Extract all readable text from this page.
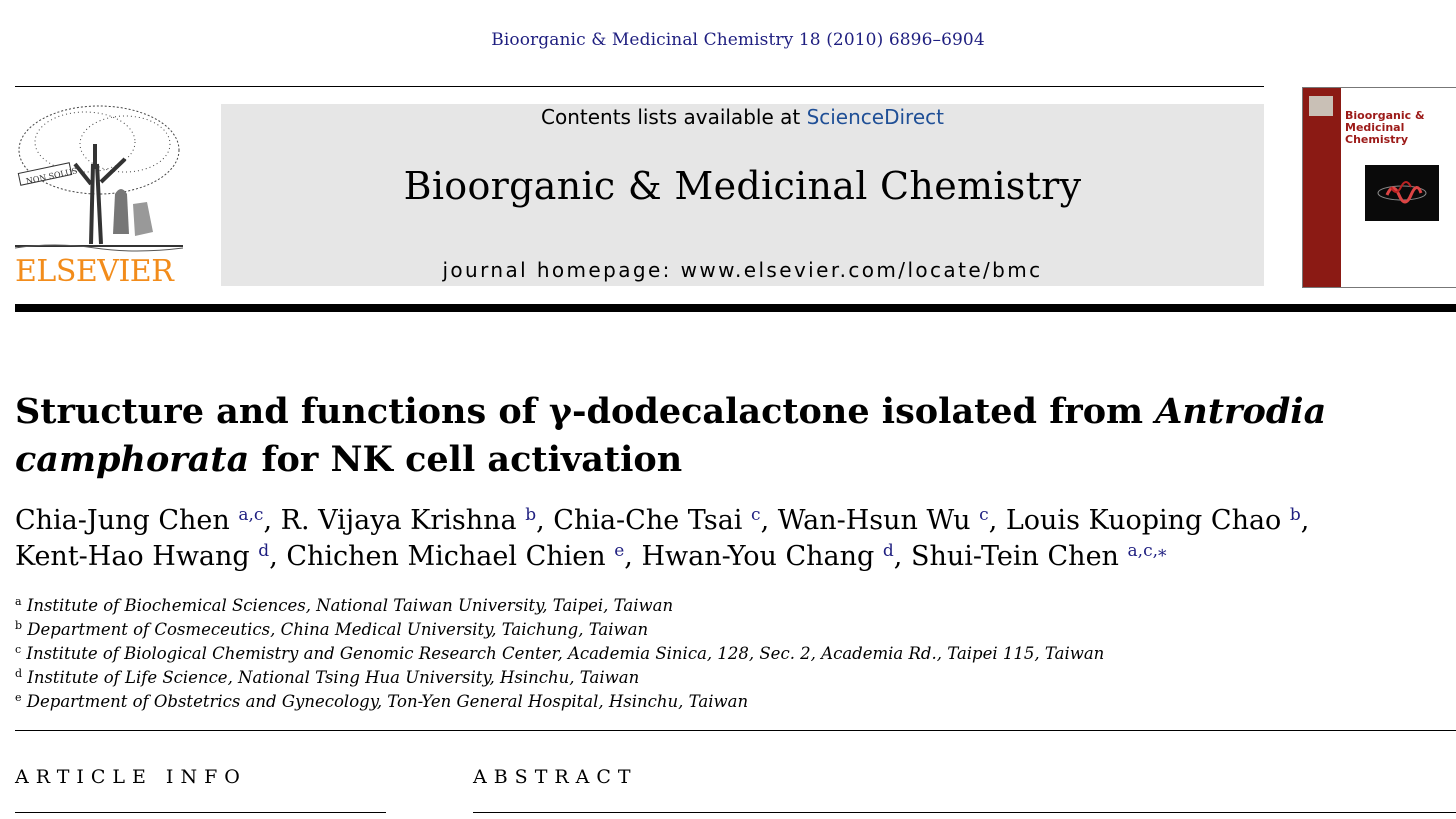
Bioorganic & Medicinal Chemistry 18 (2010) 6896–6904
NON SOLUS
ELSEVIER
Contents lists available at ScienceDirect
Bioorganic & Medicinal Chemistry
journal homepage: www.elsevier.com/locate/bmc
Bioorganic & Medicinal Chemistry
Structure and functions of γ-dodecalactone isolated from Antrodia camphorata for NK cell activation
Chia-Jung Chen $^{a,c}$, R. Vijaya Krishna $^b$, Chia-Che Tsai $^c$, Wan-Hsun Wu $^c$, Louis Kuoping Chao $^b$,
Kent-Hao Hwang $^d$, Chichen Michael Chien $^e$, Hwan-You Chang $^d$, Shui-Tein Chen $^{a,c,⁎}$
$^a$ Institute of Biochemical Sciences, National Taiwan University, Taipei, Taiwan
$^b$ Department of Cosmeceutics, China Medical University, Taichung, Taiwan
$^c$ Institute of Biological Chemistry and Genomic Research Center, Academia Sinica, 128, Sec. 2, Academia Rd., Taipei 115, Taiwan
$^d$ Institute of Life Science, National Tsing Hua University, Hsinchu, Taiwan
$^e$ Department of Obstetrics and Gynecology, Ton-Yen General Hospital, Hsinchu, Taiwan
ARTICLE INFO	ABSTRACT
